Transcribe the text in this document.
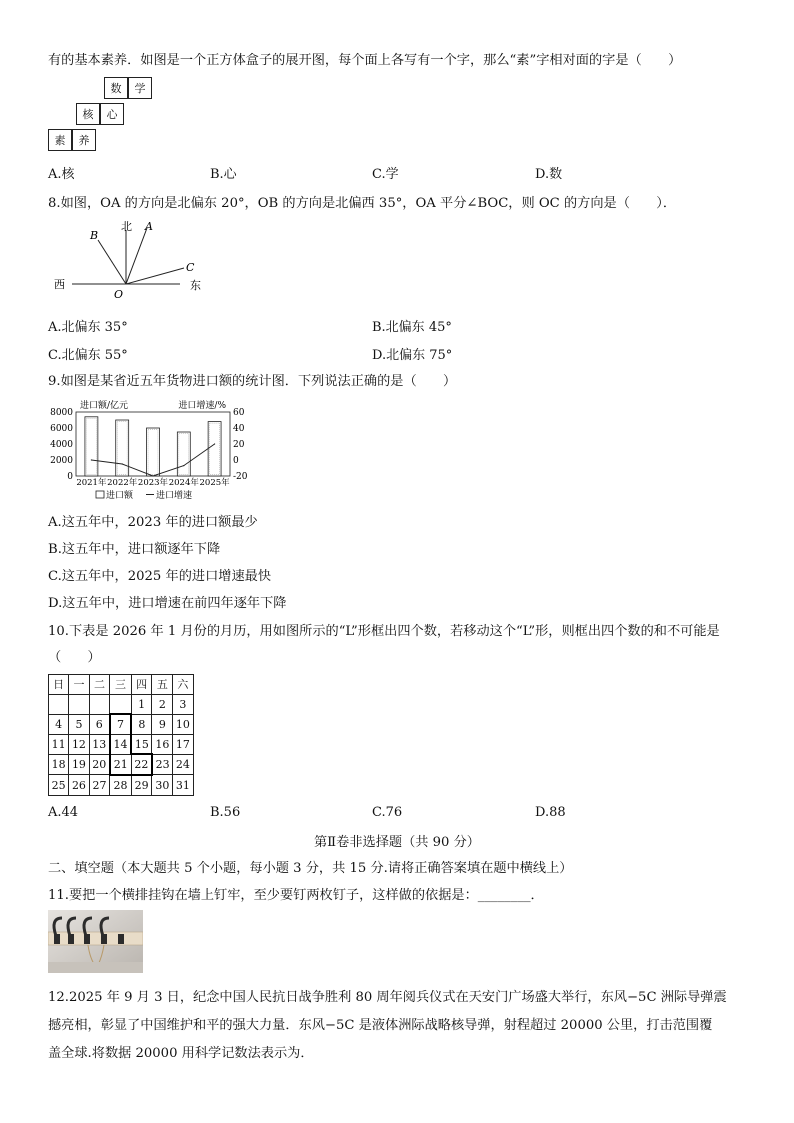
有的基本素养．如图是一个正方体盒子的展开图，每个面上各写有一个字，那么“素”字相对面的字是（　　）
数	学
核	心
素	养
A.核	B.心	C.学	D.数
8.如图，OA 的方向是北偏东 20°，OB 的方向是北偏西 35°，OA 平分∠BOC，则 OC 的方向是（　　）．
北 A
B
C
西	东
O
A.北偏东 35°	B.北偏东 45°
C.北偏东 55°	D.北偏东 75°
9.如图是某省近五年货物进口额的统计图．下列说法正确的是（　　）
8000
6000
4000
2000
0
60
40
20
0
-20
进口额/亿元	进口增速/%
2021年 2022年 2023年 2024年 2025年
进口额	进口增速
A.这五年中，2023 年的进口额最少
B.这五年中，进口额逐年下降
C.这五年中，2025 年的进口增速最快
D.这五年中，进口增速在前四年逐年下降
10.下表是 2026 年 1 月份的月历，用如图所示的“L”形框出四个数，若移动这个“L”形，则框出四个数的和不可能是
（　　）
日	一	二	三	四	五	六
				1	2	3
4	5	6	7	8	9	10
11	12	13	14	15	16	17
18	19	20	21	22	23	24
25	26	27	28	29	30	31
A.44	B.56	C.76	D.88
第Ⅱ卷非选择题（共 90 分）
二、填空题（本大题共 5 个小题，每小题 3 分，共 15 分.请将正确答案填在题中横线上）
11.要把一个横排挂钩在墙上钉牢，至少要钉两枚钉子，这样做的依据是：________．
12.2025 年 9 月 3 日，纪念中国人民抗日战争胜利 80 周年阅兵仪式在天安门广场盛大举行，东风−5C 洲际导弹震
撼亮相，彰显了中国维护和平的强大力量．东风−5C 是液体洲际战略核导弹，射程超过 20000 公里，打击范围覆
盖全球.将数据 20000 用科学记数法表示为．
